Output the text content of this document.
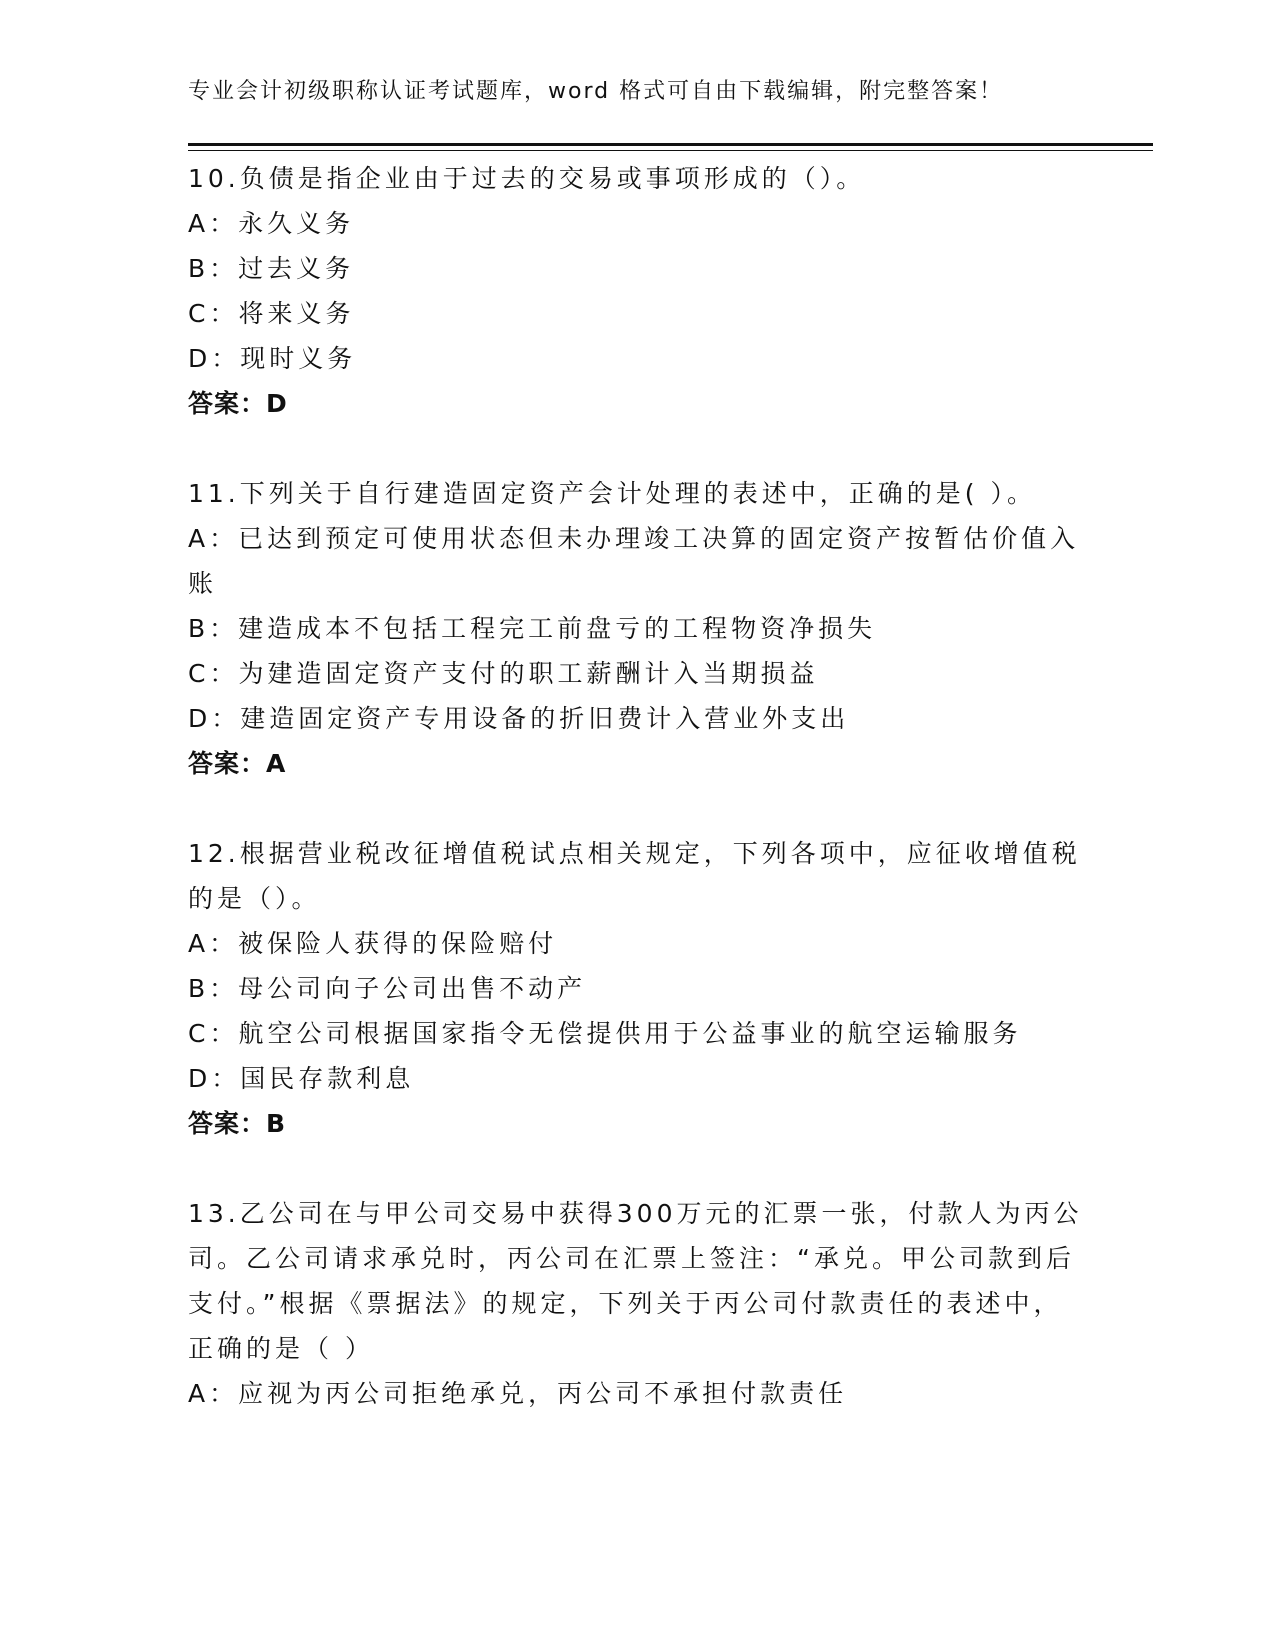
专业会计初级职称认证考试题库，word 格式可自由下载编辑，附完整答案！
10.负债是指企业由于过去的交易或事项形成的（）。
A：永久义务
B：过去义务
C：将来义务
D：现时义务
答案：D
11.下列关于自行建造固定资产会计处理的表述中，正确的是( ）。
A：已达到预定可使用状态但未办理竣工决算的固定资产按暂估价值入账
B：建造成本不包括工程完工前盘亏的工程物资净损失
C：为建造固定资产支付的职工薪酬计入当期损益
D：建造固定资产专用设备的折旧费计入营业外支出
答案：A
12.根据营业税改征增值税试点相关规定，下列各项中，应征收增值税的是（）。
A：被保险人获得的保险赔付
B：母公司向子公司出售不动产
C：航空公司根据国家指令无偿提供用于公益事业的航空运输服务
D：国民存款利息
答案：B
13.乙公司在与甲公司交易中获得300万元的汇票一张，付款人为丙公司。乙公司请求承兑时，丙公司在汇票上签注：“承兑。甲公司款到后支付。”根据《票据法》的规定，下列关于丙公司付款责任的表述中，正确的是（ ）
A：应视为丙公司拒绝承兑，丙公司不承担付款责任
